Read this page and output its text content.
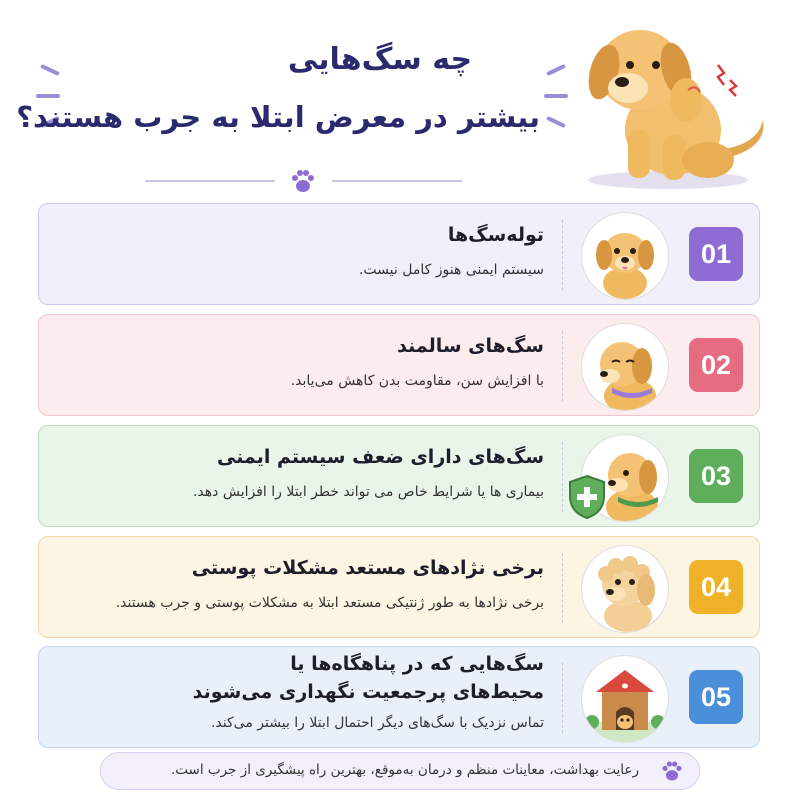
چه سگ‌هایی
بیشتر در معرض ابتلا به جرب هستند؟
01
توله‌سگ‌ها
سیستم ایمنی هنوز کامل نیست.
02
سگ‌های سالمند
با افزایش سن، مقاومت بدن کاهش می‌یابد.
03
سگ‌های دارای ضعف سیستم ایمنی
بیماری ها یا شرایط خاص می تواند خطر ابتلا را افزایش دهد.
04
برخی نژادهای مستعد مشکلات پوستی
برخی نژادها به طور ژنتیکی مستعد ابتلا به مشکلات پوستی و جرب هستند.
05
سگ‌هایی که در پناهگاه‌ها یا
محیط‌های پرجمعیت نگهداری می‌شوند
تماس نزدیک با سگ‌های دیگر احتمال ابتلا را بیشتر می‌کند.
رعایت بهداشت، معاینات منظم و درمان به‌موقع، بهترین راه پیشگیری از جرب است.
